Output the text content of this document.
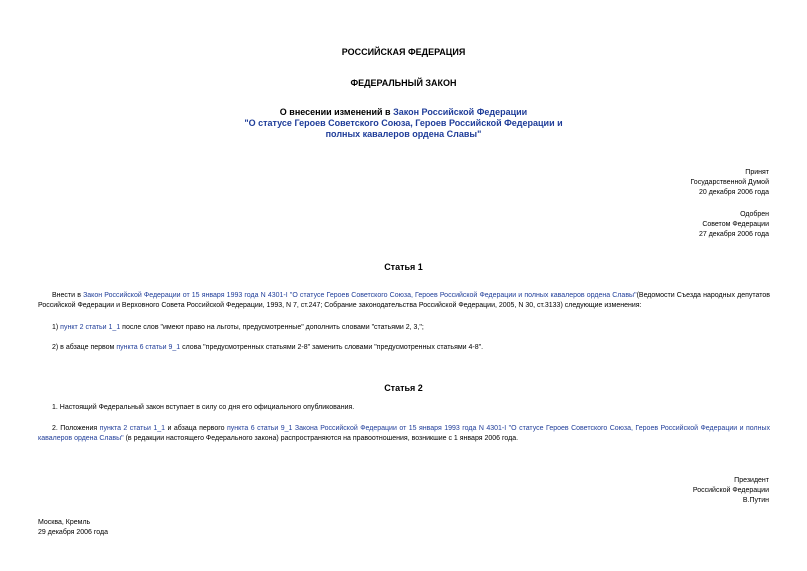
РОССИЙСКАЯ ФЕДЕРАЦИЯ
ФЕДЕРАЛЬНЫЙ ЗАКОН
О внесении изменений в Закон Российской Федерации
"О статусе Героев Советского Союза, Героев Российской Федерации и
полных кавалеров ордена Славы"
Принят
Государственной Думой
20 декабря 2006 года
Одобрен
Советом Федерации
27 декабря 2006 года
Статья 1
Внести в Закон Российской Федерации от 15 января 1993 года N 4301-I "О статусе Героев Советского Союза, Героев Российской Федерации и полных кавалеров ордена Славы"(Ведомости Съезда народных депутатов Российской Федерации и Верховного Совета Российской Федерации, 1993, N 7, ст.247; Собрание законодательства Российской Федерации, 2005, N 30, ст.3133) следующие изменения:
1) пункт 2 статьи 1_1 после слов "имеют право на льготы, предусмотренные" дополнить словами "статьями 2, 3,";
2) в абзаце первом пункта 6 статьи 9_1 слова "предусмотренных статьями 2-8" заменить словами "предусмотренных статьями 4-8".
Статья 2
1. Настоящий Федеральный закон вступает в силу со дня его официального опубликования.
2. Положения пункта 2 статьи 1_1 и абзаца первого пункта 6 статьи 9_1 Закона Российской Федерации от 15 января 1993 года N 4301-I "О статусе Героев Советского Союза, Героев Российской Федерации и полных кавалеров ордена Славы" (в редакции настоящего Федерального закона) распространяются на правоотношения, возникшие с 1 января 2006 года.
Президент
Российской Федерации
В.Путин
Москва, Кремль
29 декабря 2006 года
